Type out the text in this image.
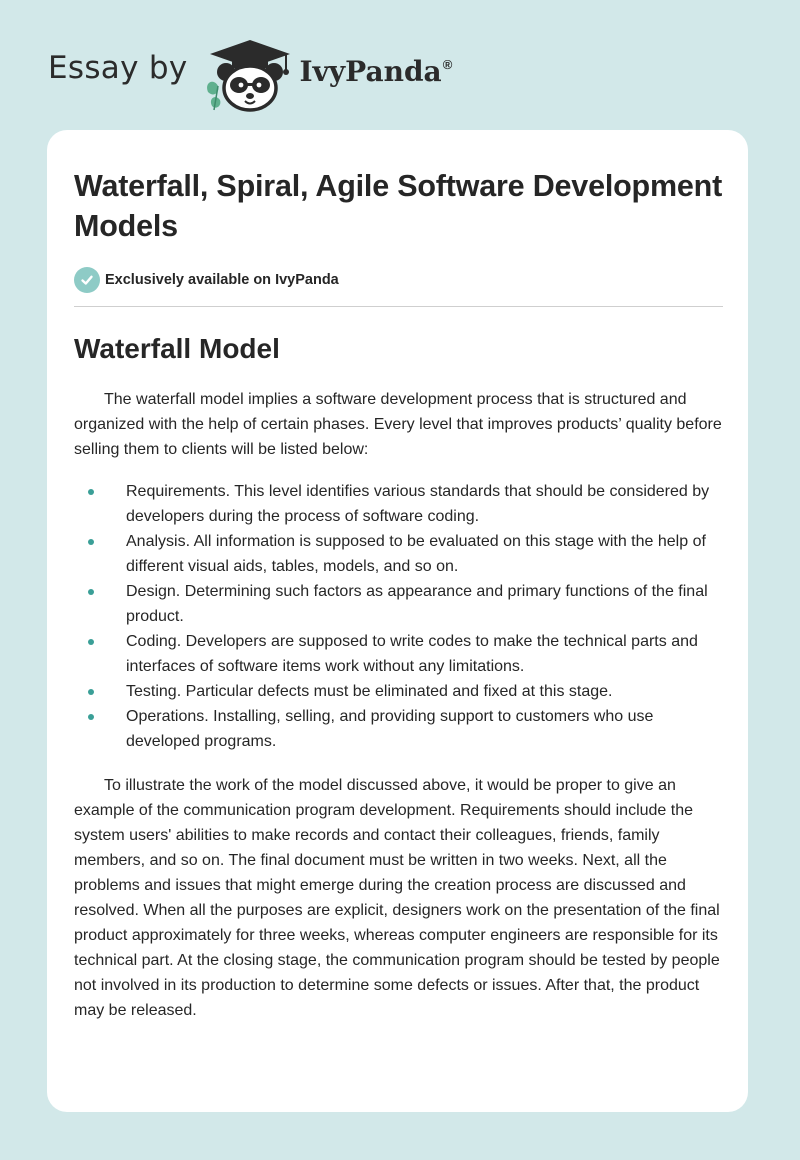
Essay by	IvyPanda®
Waterfall, Spiral, Agile Software Development Models
Exclusively available on IvyPanda
Waterfall Model

The waterfall model implies a software development process that is structured and organized with the help of certain phases. Every level that improves products’ quality before selling them to clients will be listed below:

Requirements. This level identifies various standards that should be considered by developers during the process of software coding.
Analysis. All information is supposed to be evaluated on this stage with the help of different visual aids, tables, models, and so on.
Design. Determining such factors as appearance and primary functions of the final product.
Coding. Developers are supposed to write codes to make the technical parts and interfaces of software items work without any limitations.
Testing. Particular defects must be eliminated and fixed at this stage.
Operations. Installing, selling, and providing support to customers who use developed programs.

To illustrate the work of the model discussed above, it would be proper to give an example of the communication program development. Requirements should include the system users' abilities to make records and contact their colleagues, friends, family members, and so on. The final document must be written in two weeks. Next, all the problems and issues that might emerge during the creation process are discussed and resolved. When all the purposes are explicit, designers work on the presentation of the final product approximately for three weeks, whereas computer engineers are responsible for its technical part. At the closing stage, the communication program should be tested by people not involved in its production to determine some defects or issues. After that, the product may be released.
